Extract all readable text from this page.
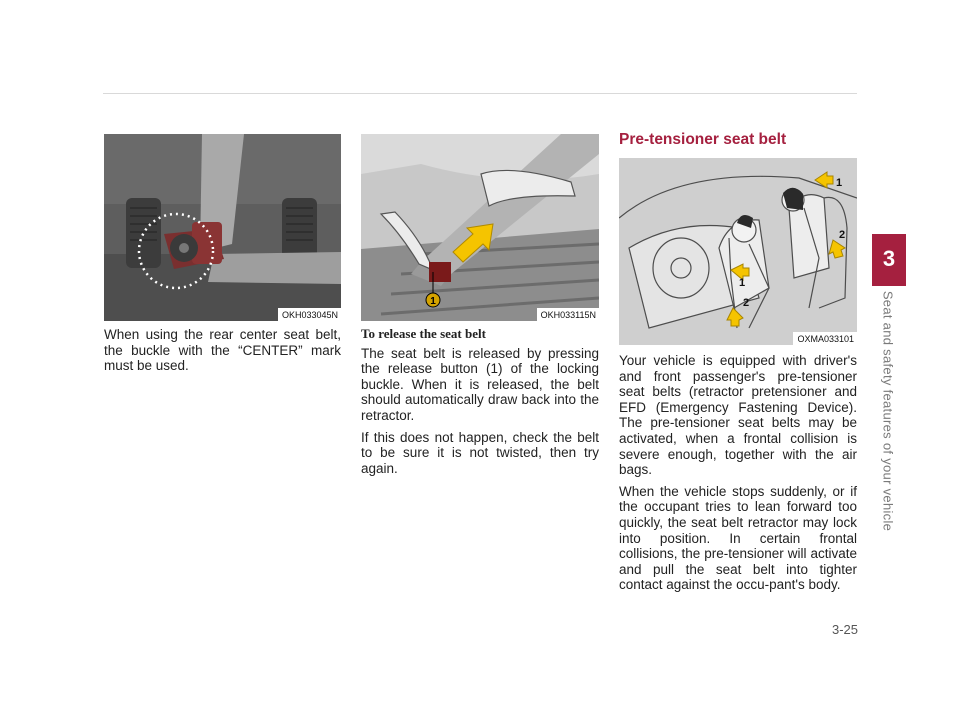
3
Seat and safety features of your vehicle
3-25
OKH033045N
1
OKH033115N
1
2
1
2
OXMA033101

When using the rear center seat belt, the buckle with the “CENTER” mark must be used.

To release the seat belt

The seat belt is released by pressing the release button (1) of the locking buckle. When it is released, the belt should automatically draw back into the retractor.

If this does not happen, check the belt to be sure it is not twisted, then try again.

Pre-tensioner seat belt

Your vehicle is equipped with driver's and front passenger's pre-tensioner seat belts (retractor pretensioner and EFD (Emergency Fastening Device). The pre-tensioner seat belts may be activated, when a frontal collision is severe enough, together with the air bags.

When the vehicle stops suddenly, or if the occupant tries to lean forward too quickly, the seat belt retractor may lock into position. In certain frontal collisions, the pre-tensioner will activate and pull the seat belt into tighter contact against the occu-pant's body.
